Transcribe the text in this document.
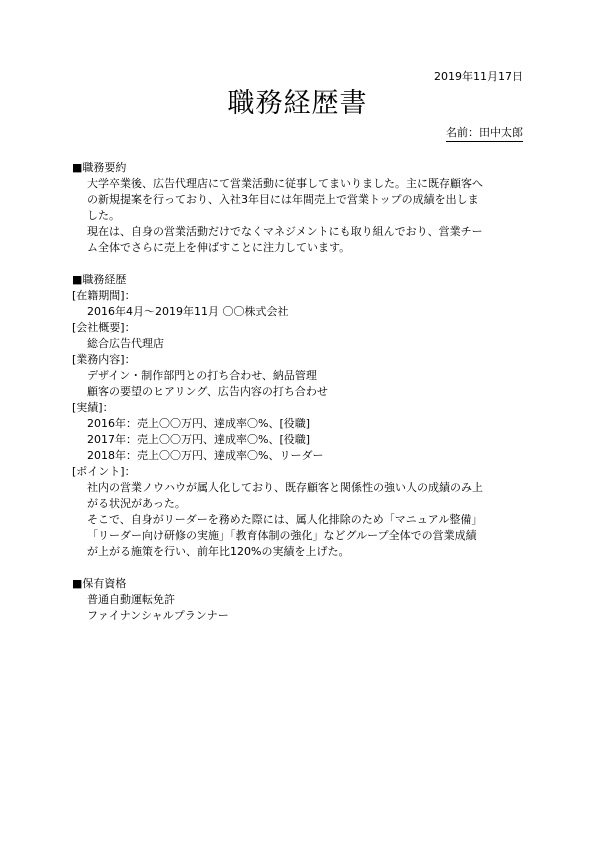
2019年11月17日
職務経歴書
名前：田中太郎
■職務要約
大学卒業後、広告代理店にて営業活動に従事してまいりました。主に既存顧客へ
の新規提案を行っており、入社3年目には年間売上で営業トップの成績を出しま
した。
現在は、自身の営業活動だけでなくマネジメントにも取り組んでおり、営業チー
ム全体でさらに売上を伸ばすことに注力しています。
■職務経歴
[在籍期間]：
2016年4月〜2019年11月 〇〇株式会社
[会社概要]：
総合広告代理店
[業務内容]：
デザイン・制作部門との打ち合わせ、納品管理
顧客の要望のヒアリング、広告内容の打ち合わせ
[実績]：
2016年：売上〇〇万円、達成率〇%、[役職]
2017年：売上〇〇万円、達成率〇%、[役職]
2018年：売上〇〇万円、達成率〇%、リーダー
[ポイント]：
社内の営業ノウハウが属人化しており、既存顧客と関係性の強い人の成績のみ上
がる状況があった。
そこで、自身がリーダーを務めた際には、属人化排除のため「マニュアル整備」
「リーダー向け研修の実施」「教育体制の強化」などグループ全体での営業成績
が上がる施策を行い、前年比120%の実績を上げた。
■保有資格
普通自動運転免許
ファイナンシャルプランナー
